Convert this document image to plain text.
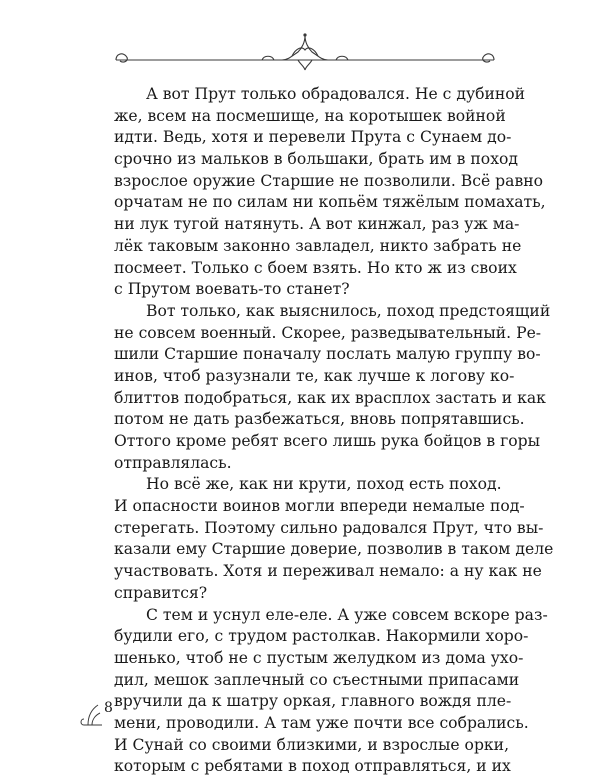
А вот Прут только обрадовался. Не с дубиной
же, всем на посмешище, на коротышек войной
идти. Ведь, хотя и перевели Прута с Сунаем до-
срочно из мальков в большаки, брать им в поход
взрослое оружие Старшие не позволили. Всё равно
орчатам не по силам ни копьём тяжёлым помахать,
ни лук тугой натянуть. А вот кинжал, раз уж ма-
лёк таковым законно завладел, никто забрать не
посмеет. Только с боем взять. Но кто ж из своих
с Прутом воевать-то станет?
Вот только, как выяснилось, поход предстоящий
не совсем военный. Скорее, разведывательный. Ре-
шили Старшие поначалу послать малую группу во-
инов, чтоб разузнали те, как лучше к логову ко-
блиттов подобраться, как их врасплох застать и как
потом не дать разбежаться, вновь попрятавшись.
Оттого кроме ребят всего лишь рука бойцов в горы
отправлялась.
Но всё же, как ни крути, поход есть поход.
И опасности воинов могли впереди немалые под-
стерегать. Поэтому сильно радовался Прут, что вы-
казали ему Старшие доверие, позволив в таком деле
участвовать. Хотя и переживал немало: а ну как не
справится?
С тем и уснул еле-еле. А уже совсем вскоре раз-
будили его, с трудом растолкав. Накормили хоро-
шенько, чтоб не с пустым желудком из дома ухо-
дил, мешок заплечный со съестными припасами
вручили да к шатру оркая, главного вождя пле-
мени, проводили. А там уже почти все собрались.
И Сунай со своими близкими, и взрослые орки,
которым с ребятами в поход отправляться, и их
8
